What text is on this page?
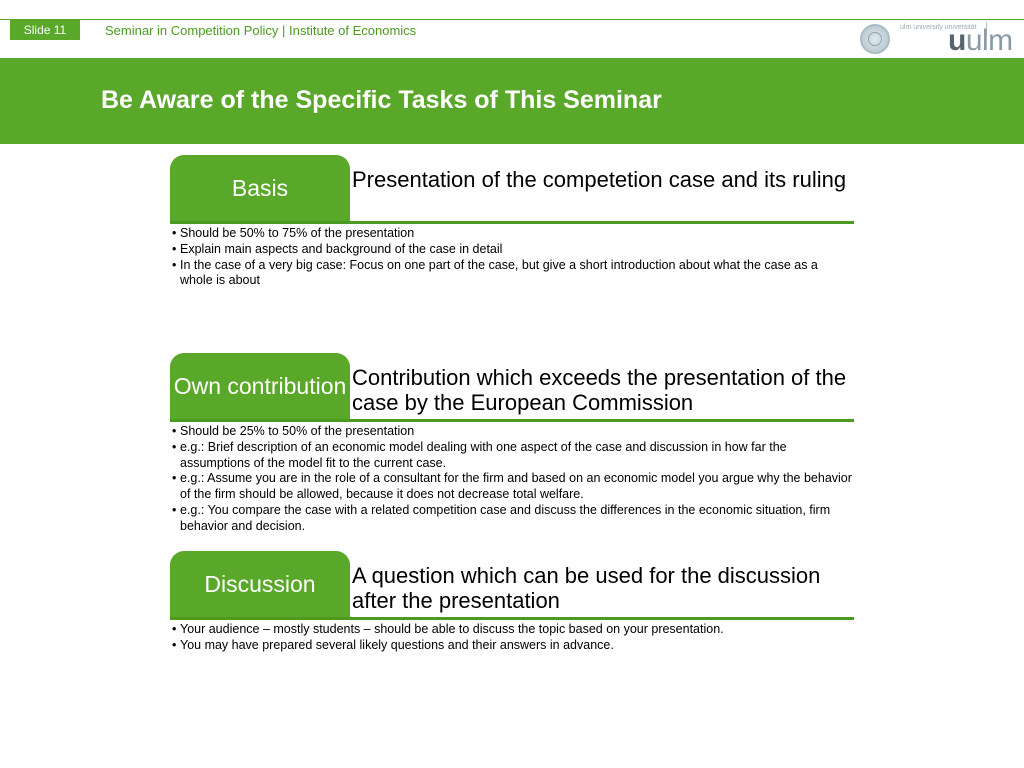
Slide 11	Seminar in Competition Policy | Institute of Economics	ulm university universität
uulm
Be Aware of the Specific Tasks of This Seminar
Basis	Presentation of the competetion case and its ruling
• Should be 50% to 75% of the presentation
• Explain main aspects and background of the case in detail
• In the case of a very big case: Focus on one part of the case, but give a short introduction about what the case as a whole is about
Own contribution Contribution which exceeds the presentation of the case by the European Commission
• Should be 25% to 50% of the presentation
• e.g.: Brief description of an economic model dealing with one aspect of the case and discussion in how far the assumptions of the model fit to the current case.
• e.g.: Assume you are in the role of a consultant for the firm and based on an economic model you argue why the behavior of the firm should be allowed, because it does not decrease total welfare.
• e.g.: You compare the case with a related competition case and discuss the differences in the economic situation, firm behavior and decision.
Discussion	A question which can be used for the discussion after the presentation
• Your audience – mostly students – should be able to discuss the topic based on your presentation.
• You may have prepared several likely questions and their answers in advance.
